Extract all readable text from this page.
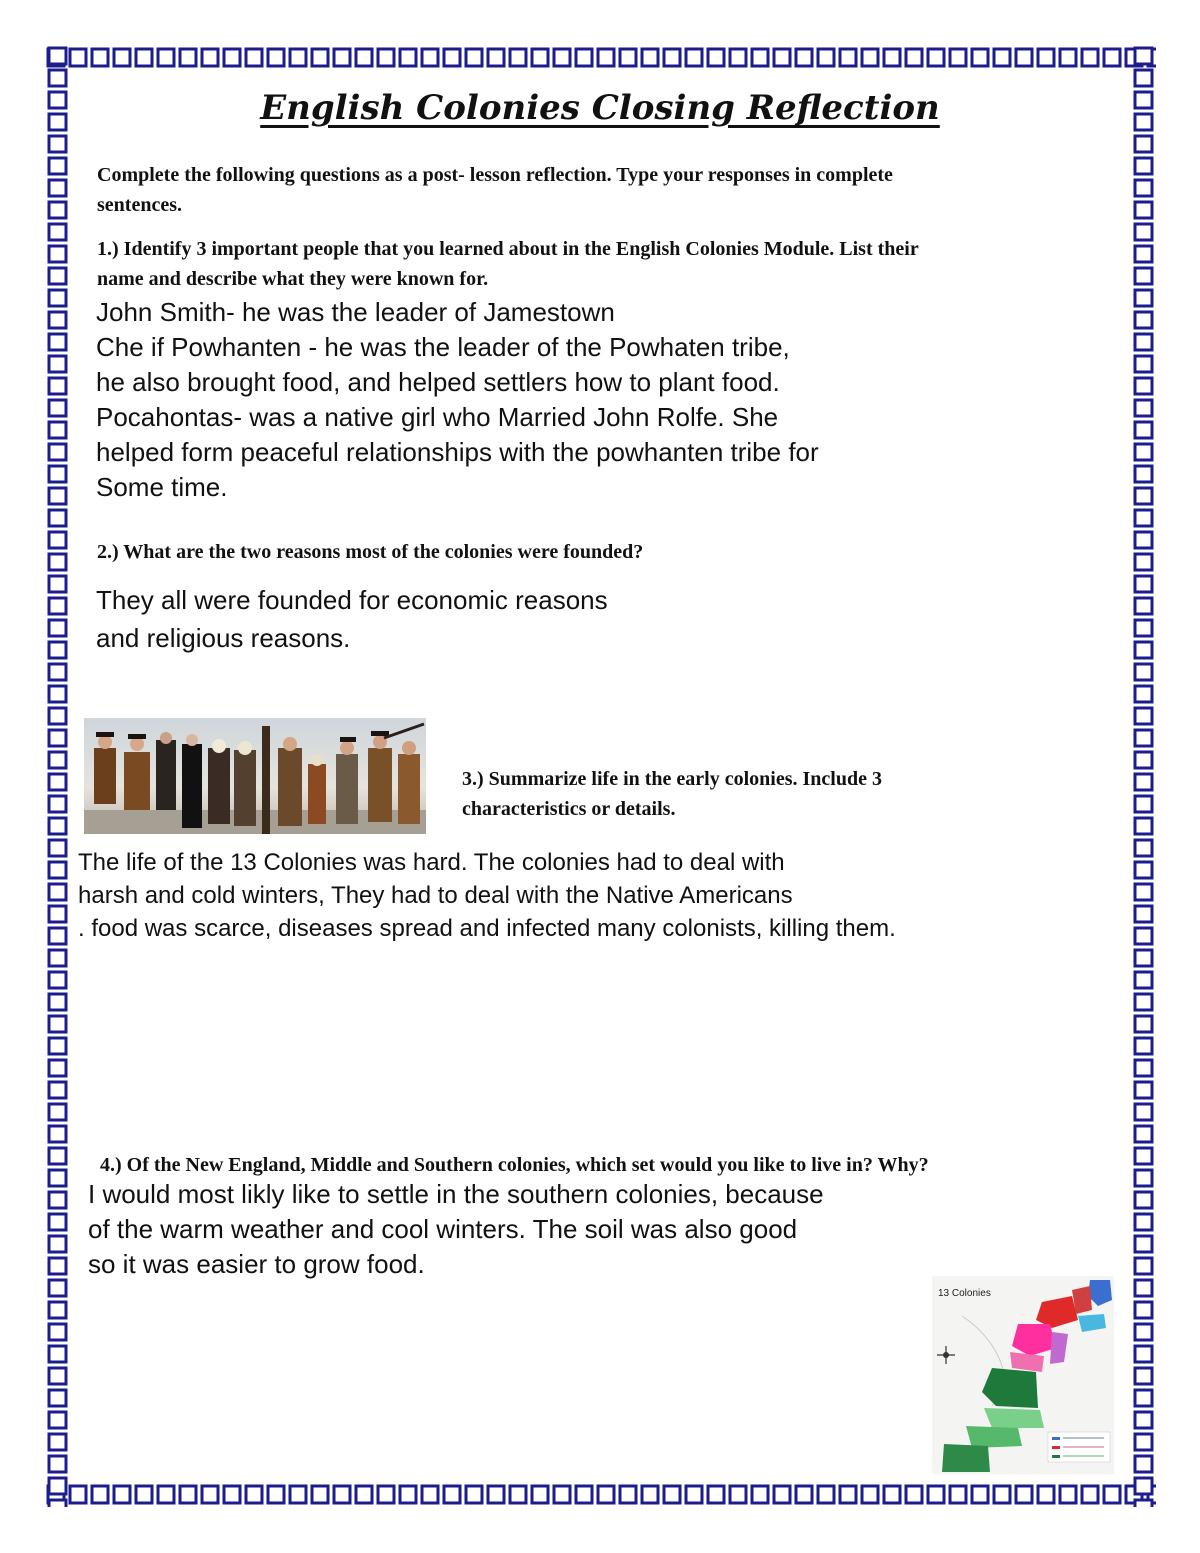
English Colonies Closing Reflection
Complete the following questions as a post- lesson reflection. Type your responses in complete
sentences.
1.) Identify 3 important people that you learned about in the English Colonies Module. List their
name and describe what they were known for.
John Smith- he was the leader of Jamestown
Che if Powhanten - he was the leader of the Powhaten tribe,
he also brought food, and helped settlers how to plant food.
Pocahontas- was a native girl who Married John Rolfe. She
helped form peaceful relationships with the powhanten tribe for
Some time.
2.) What are the two reasons most of the colonies were founded?
They all were founded for economic reasons
and religious reasons.
3.) Summarize life in the early colonies. Include 3
characteristics or details.
The life of the 13 Colonies was hard. The colonies had to deal with
harsh and cold winters, They had to deal with the Native Americans
. food was scarce, diseases spread and infected many colonists, killing them.
4.) Of the New England, Middle and Southern colonies, which set would you like to live in? Why?
I would most likly like to settle in the southern colonies, because
of the warm weather and cool winters. The soil was also good
so it was easier to grow food.
13 Colonies
